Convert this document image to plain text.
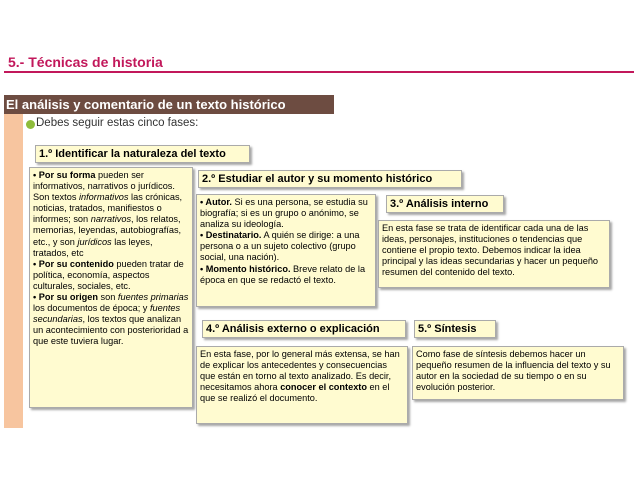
5.- Técnicas de historia
El análisis y comentario de un texto histórico
Debes seguir estas cinco fases:
1.º Identificar la naturaleza del texto

• Por su forma pueden ser informativos, narrativos o jurídicos. Son textos informativos las crónicas, noticias, tratados, manifiestos o informes; son narrativos, los relatos, memorias, leyendas, autobiografías, etc., y son jurídicos las leyes, tratados, etc

• Por su contenido pueden tratar de política, economía, aspectos culturales, sociales, etc.

• Por su origen son fuentes primarias los documentos de época; y fuentes secundarias, los textos que analizan un acontecimiento con posterioridad a que este tuviera lugar.

2.º Estudiar el autor y su momento histórico

• Autor. Si es una persona, se estudia su biografía; si es un grupo o anónimo, se analiza su ideología.

• Destinatario. A quién se dirige: a una persona o a un sujeto colectivo (grupo social, una nación).

• Momento histórico. Breve relato de la época en que se redactó el texto.

3.º Análisis interno

En esta fase se trata de identificar cada una de las ideas, personajes, instituciones o tendencias que contiene el propio texto. Debemos indicar la idea principal y las ideas secundarias y hacer un pequeño resumen del contenido del texto.

4.º Análisis externo o explicación

En esta fase, por lo general más extensa, se han de explicar los antecedentes y consecuencias que están en torno al texto analizado. Es decir, necesitamos ahora conocer el contexto en el que se realizó el documento.

5.º Síntesis

Como fase de síntesis debemos hacer un pequeño resumen de la influencia del texto y su autor en la sociedad de su tiempo o en su evolución posterior.
